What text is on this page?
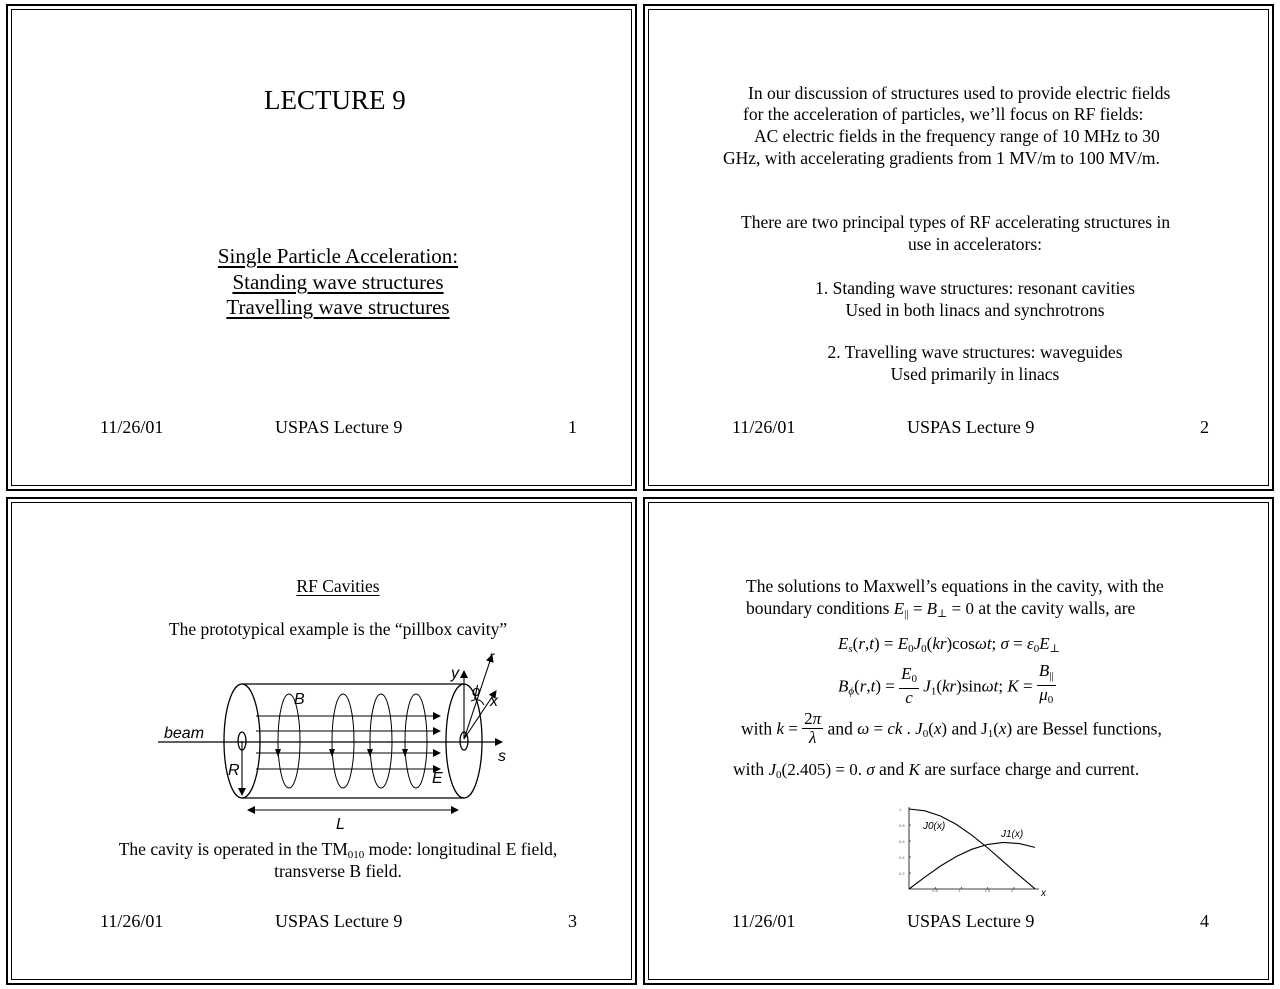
LECTURE 9
Single Particle Acceleration:
Standing wave structures
Travelling wave structures
11/26/01	USPAS Lecture 9	1
In our discussion of structures used to provide electric fields
for the acceleration of particles, we’ll focus on RF fields:
AC electric fields in the frequency range of 10 MHz to 30
GHz, with accelerating gradients from 1 MV/m to 100 MV/m.
There are two principal types of RF accelerating structures in
use in accelerators:
1. Standing wave structures: resonant cavities
Used in both linacs and synchrotrons
2. Travelling wave structures: waveguides
Used primarily in linacs
11/26/01	USPAS Lecture 9	2
RF Cavities
The prototypical example is the “pillbox cavity”
beam
B
R	E
L
s
y
r
x
ϕ
The cavity is operated in the $TM_{010}$ mode: longitudinal E field,
transverse B field.
11/26/01	USPAS Lecture 9	3
The solutions to Maxwell’s equations in the cavity, with the
boundary conditions $E_{||} = B_\perp = 0$ at the cavity walls, are
$E_s(r,t) = E_0J_0(kr)\cos\omega t$; $\sigma = \varepsilon_0E_\perp$
$B_\phi(r,t) = \frac{E_0}{c} J_1(kr)\sin\omega t$; $K = \frac{B_{||}}{\mu_0}$
with $k = \frac{2\pi}{\lambda}$ and ω = ck . $J_0(x)$ and $J_1(x)$ are Bessel functions,
with $J_0(2.405) = 0$. σ and K are surface charge and current.
1
0.8
0.6
0.4
0.2
0.5	1	1.5	2
J0(x)
J1(x)
x
11/26/01	USPAS Lecture 9	4
